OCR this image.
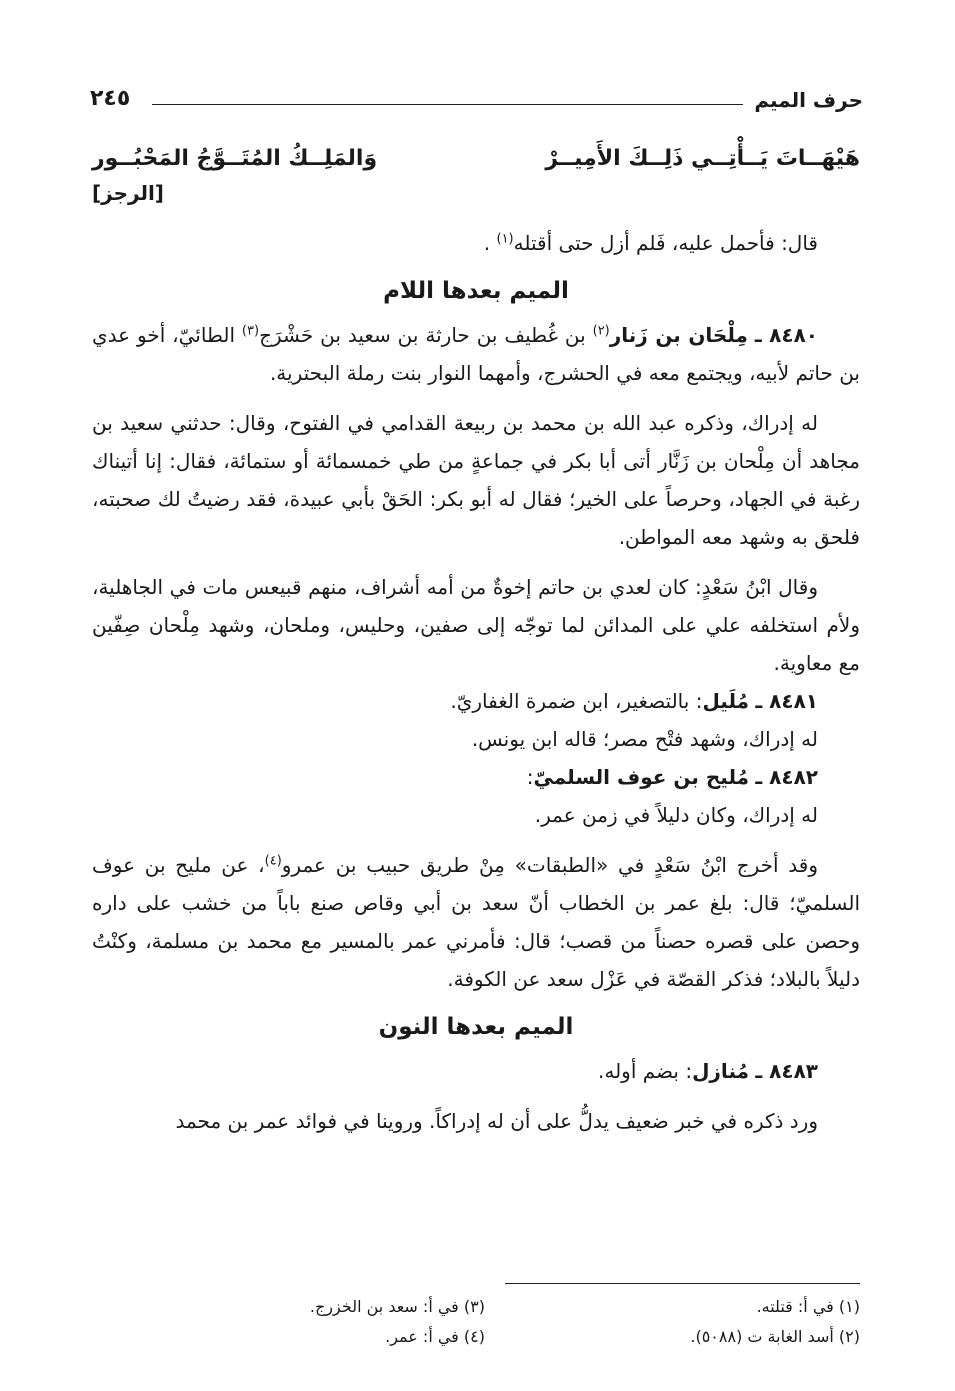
حرف الميم
٢٤٥
هَيْهَــاتَ يَــأْتِــي ذَلِــكَ الأَمِيــرْ
وَالمَلِــكُ المُتَــوَّجُ المَحْبُــور
[الرجز]

قال: فأحمل عليه، فَلم أزل حتى أقتله$^{(١)}$ .

الميم بعدها اللام

٨٤٨٠ ـ مِلْحَان بن زَنار$^{(٢)}$ بن غُطيف بن حارثة بن سعيد بن حَشْرَج$^{(٣)}$ الطائيّ، أخو عدي بن حاتم لأبيه، ويجتمع معه في الحشرج، وأمهما النوار بنت رملة البحترية.

له إدراك، وذكره عبد الله بن محمد بن ربيعة القدامي في الفتوح، وقال: حدثني سعيد بن مجاهد أن مِلْحان بن زَنَّار أتى أبا بكر في جماعةٍ من طي خمسمائة أو ستمائة، فقال: إنا أتيناك رغبة في الجهاد، وحرصاً على الخير؛ فقال له أبو بكر: الحَقْ بأبي عبيدة، فقد رضيتُ لك صحبته، فلحق به وشهد معه المواطن.

وقال ابْنُ سَعْدٍ: كان لعدي بن حاتم إخوةٌ من أمه أشراف، منهم قبيعس مات في الجاهلية، ولأم استخلفه علي على المدائن لما توجّه إلى صفين، وحليس، وملحان، وشهد مِلْحان صِفّين مع معاوية.

٨٤٨١ ـ مُلَيل: بالتصغير، ابن ضمرة الغفاريّ.

له إدراك، وشهد فتْح مصر؛ قاله ابن يونس.

٨٤٨٢ ـ مُليح بن عوف السلميّ:

له إدراك، وكان دليلاً في زمن عمر.

وقد أخرج ابْنُ سَعْدٍ في «الطبقات» مِنْ طريق حبيب بن عمرو$^{(٤)}$، عن مليح بن عوف السلميّ؛ قال: بلغ عمر بن الخطاب أنّ سعد بن أبي وقاص صنع باباً من خشب على داره وحصن على قصره حصناً من قصب؛ قال: فأمرني عمر بالمسير مع محمد بن مسلمة، وكنْتُ دليلاً بالبلاد؛ فذكر القصّة في عَزْل سعد عن الكوفة.

الميم بعدها النون

٨٤٨٣ ـ مُنازل: بضم أوله.

ورد ذكره في خبر ضعيف يدلُّ على أن له إدراكاً. وروينا في فوائد عمر بن محمد

(١) في أ: قتلته.
(٣) في أ: سعد بن الخزرج.
(٢) أسد الغابة ت (٥٠٨٨).
(٤) في أ: عمر.
